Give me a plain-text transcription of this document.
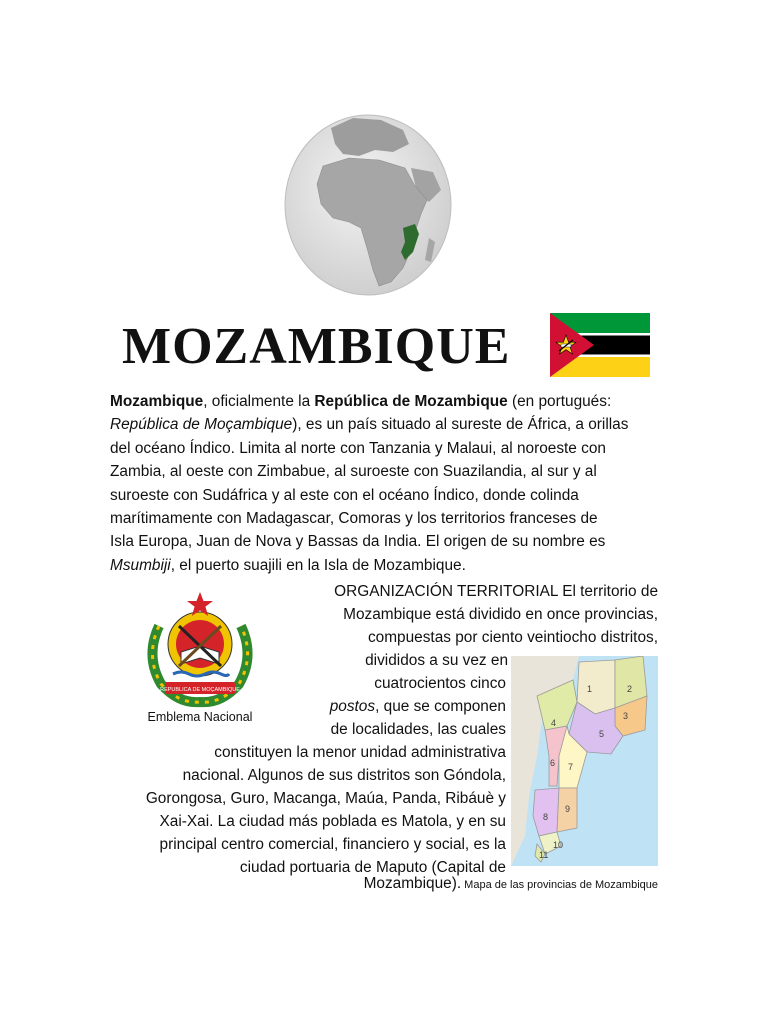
MOZAMBIQUE
Mozambique, oficialmente la República de Mozambique (en portugués:
República de Moçambique), es un país situado al sureste de África, a orillas
del océano Índico. Limita al norte con Tanzania y Malaui, al noroeste con
Zambia, al oeste con Zimbabue, al suroeste con Suazilandia, al sur y al
suroeste con Sudáfrica y al este con el océano Índico, donde colinda
marítimamente con Madagascar, Comoras y los territorios franceses de
Isla Europa, Juan de Nova y Bassas da India. El origen de su nombre es
Msumbiji, el puerto suajili en la Isla de Mozambique.
REPUBLICA DE MOÇAMBIQUE
Emblema Nacional
1	2
3
4
5
6 7
8
9
10
11
ORGANIZACIÓN TERRITORIAL El territorio de
Mozambique está dividido en once provincias,
compuestas por ciento veintiocho distritos,
divididos a su vez en
cuatrocientos cinco
postos, que se componen
de localidades, las cuales
constituyen la menor unidad administrativa
nacional. Algunos de sus distritos son Góndola,
Gorongosa, Guro, Macanga, Maúa, Panda, Ribáuè y
Xai-Xai. La ciudad más poblada es Matola, y en su
principal centro comercial, financiero y social, es la
ciudad portuaria de Maputo (Capital de
Mozambique). Mapa de las provincias de Mozambique
